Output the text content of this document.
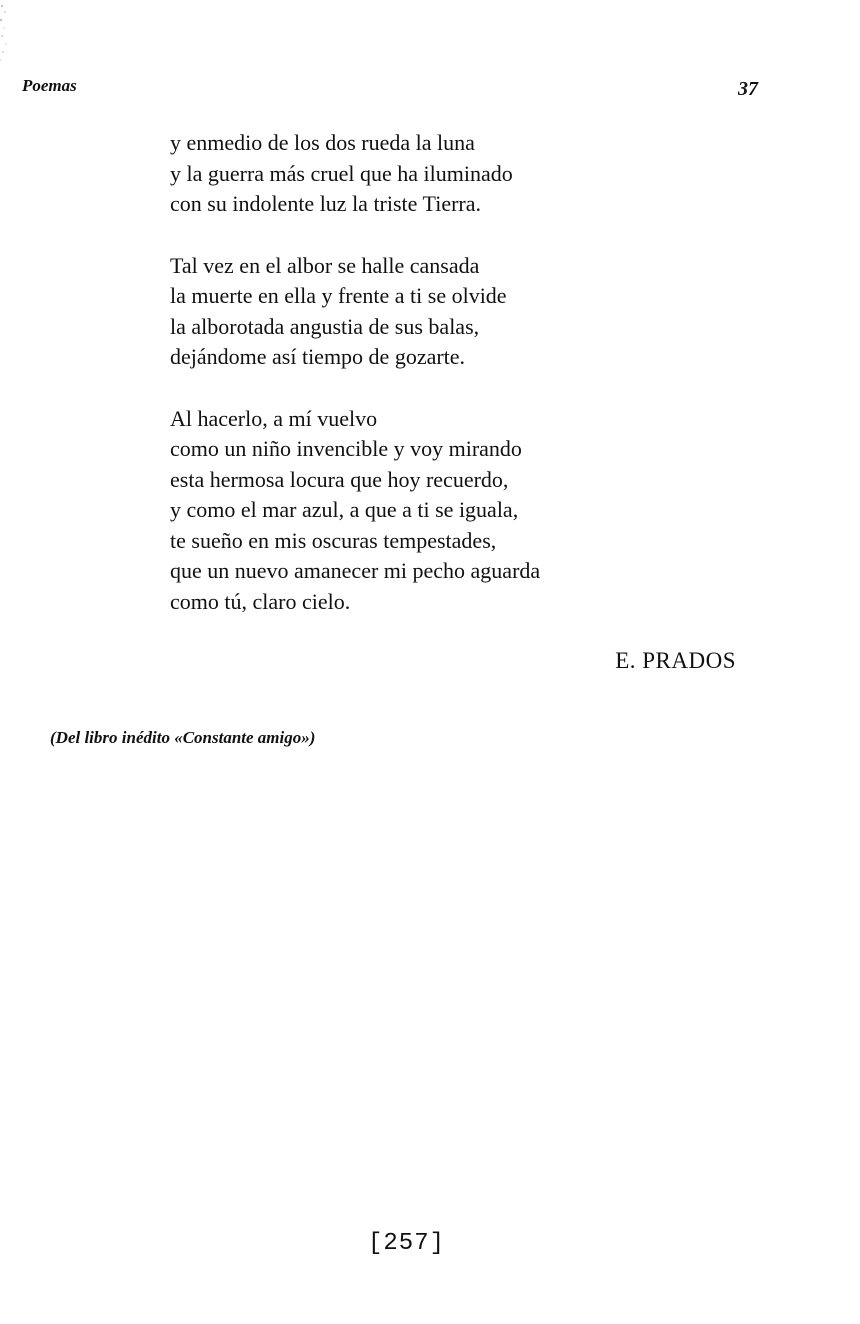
Poemas	37
y enmedio de los dos rueda la luna
y la guerra más cruel que ha iluminado
con su indolente luz la triste Tierra.
Tal vez en el albor se halle cansada
la muerte en ella y frente a ti se olvide
la alborotada angustia de sus balas,
dejándome así tiempo de gozarte.
Al hacerlo, a mí vuelvo
como un niño invencible y voy mirando
esta hermosa locura que hoy recuerdo,
y como el mar azul, a que a ti se iguala,
te sueño en mis oscuras tempestades,
que un nuevo amanecer mi pecho aguarda
como tú, claro cielo.
E. PRADOS
(Del libro inédito «Constante amigo»)
[257]
